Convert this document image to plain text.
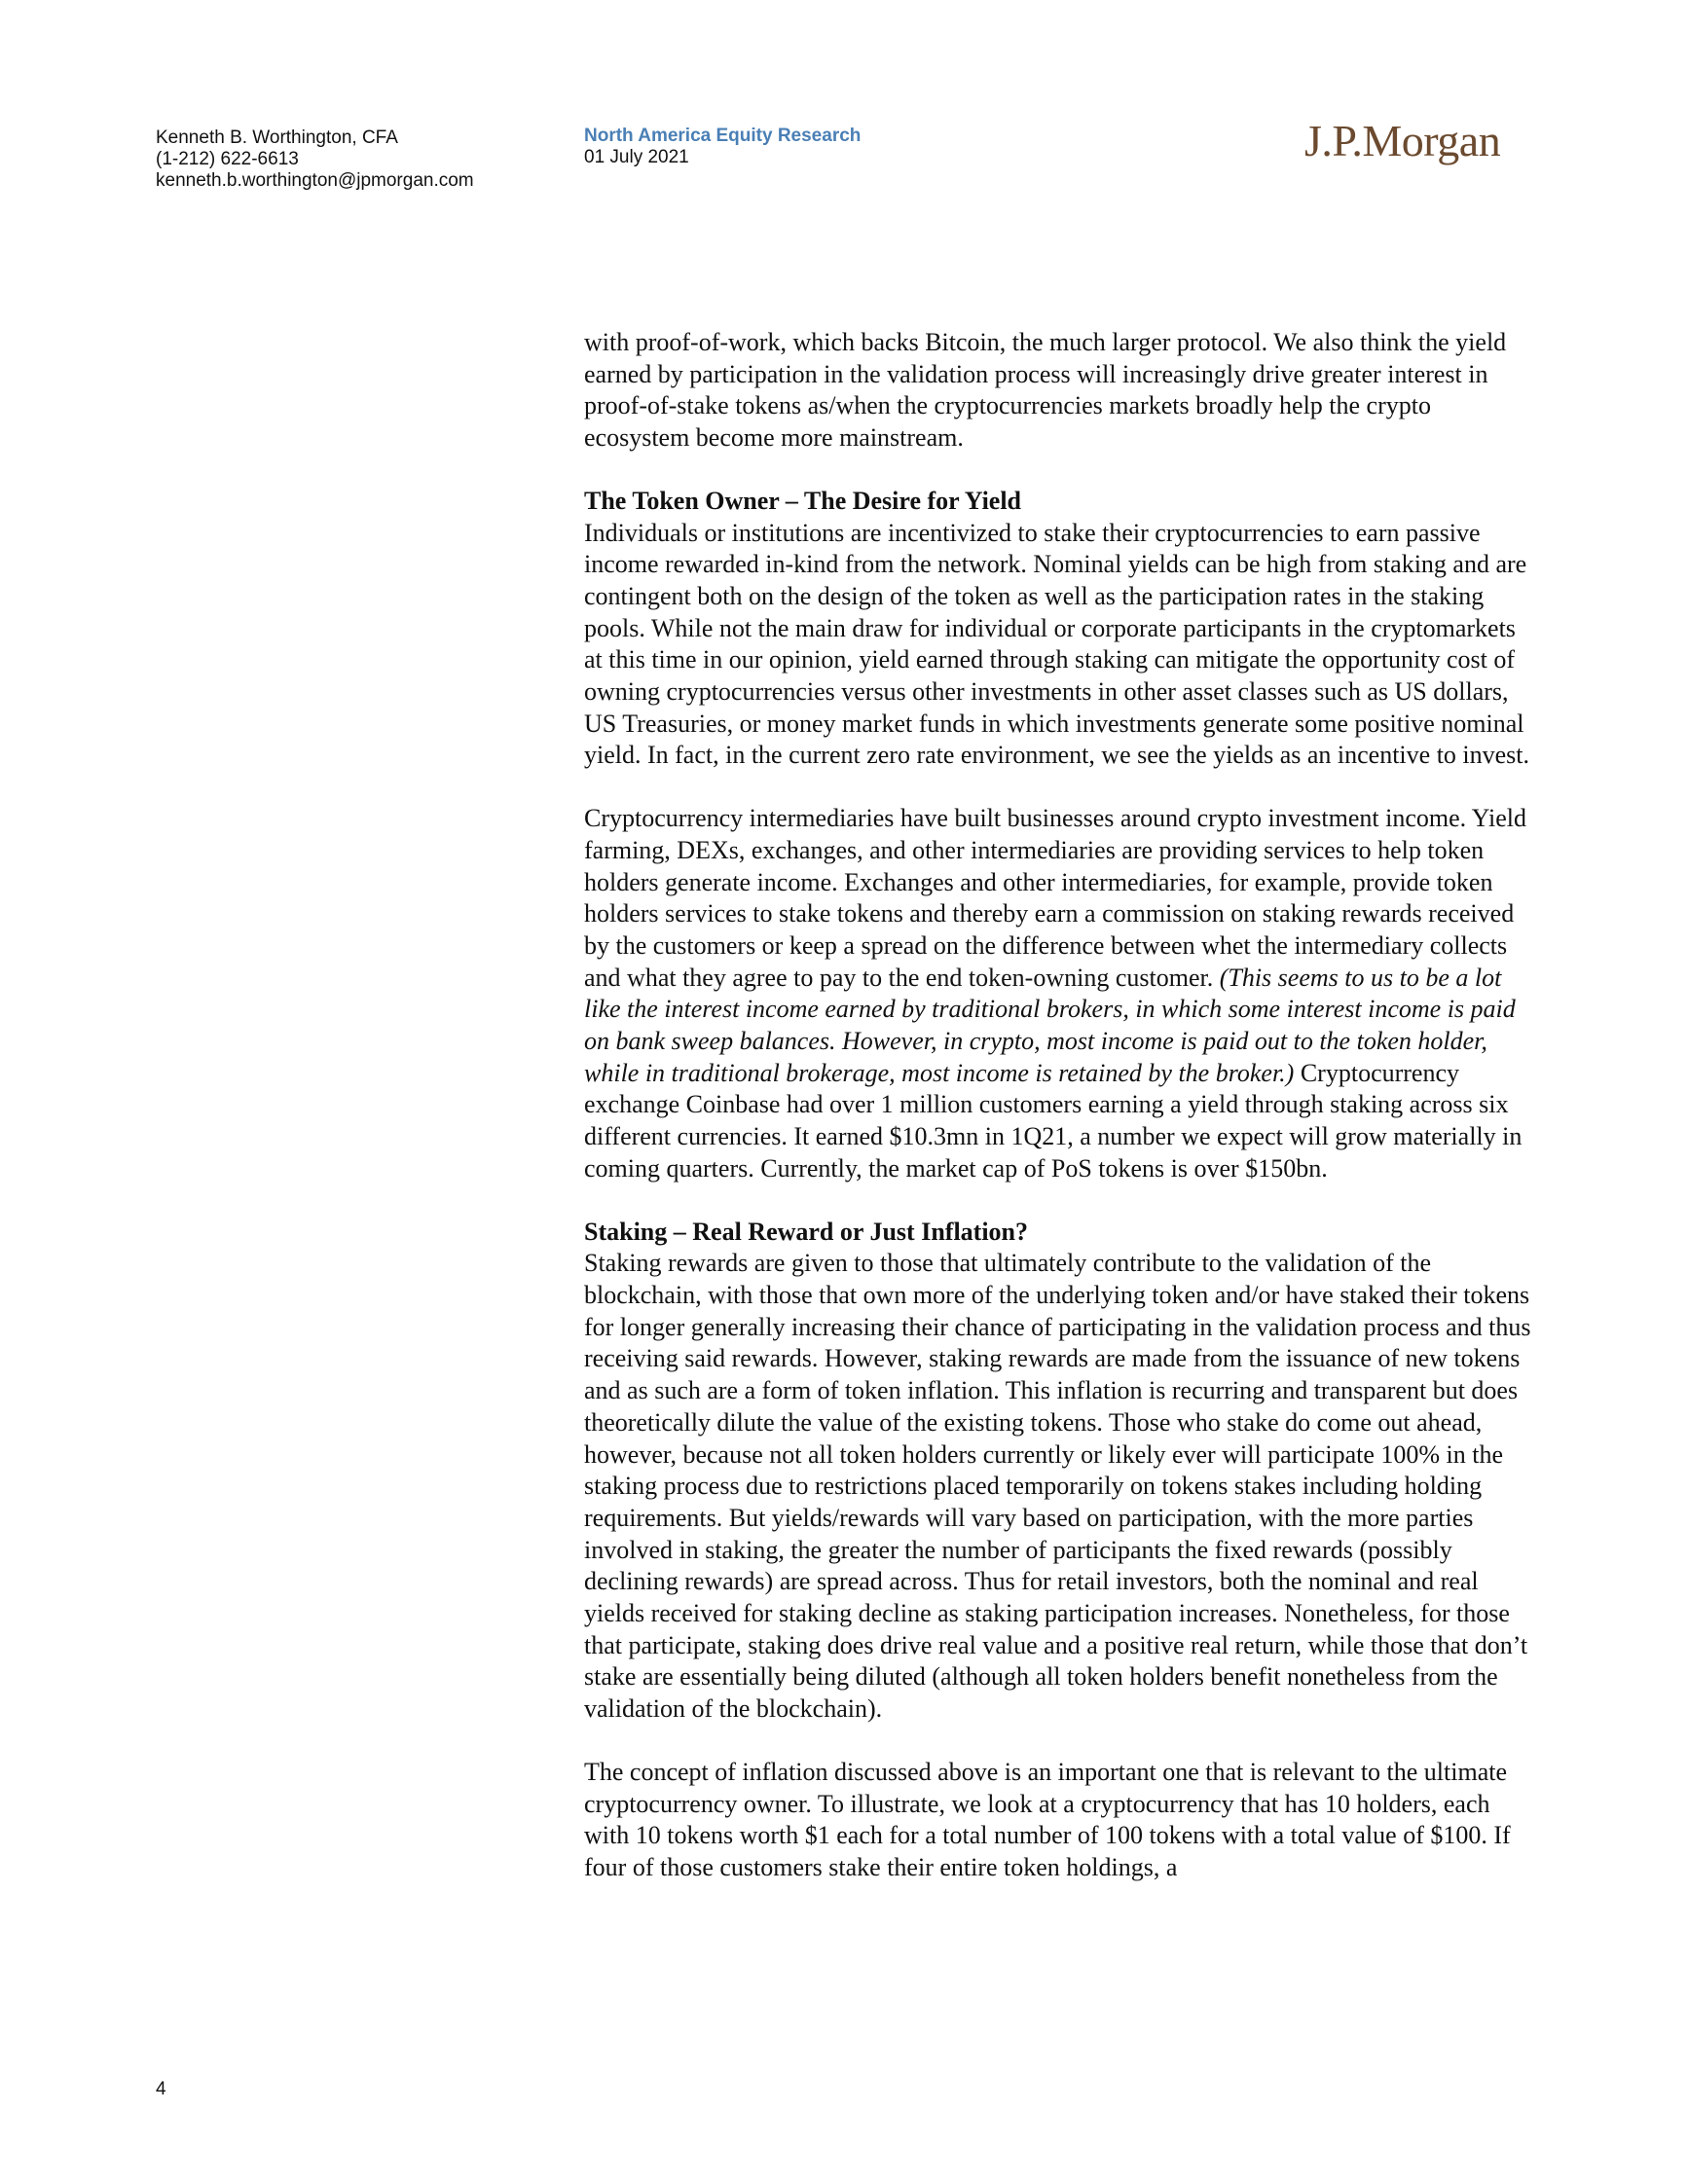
Kenneth B. Worthington, CFA
(1-212) 622-6613
kenneth.b.worthington@jpmorgan.com
North America Equity Research
01 July 2021	J.P.Morgan

with proof-of-work, which backs Bitcoin, the much larger protocol. We also think the yield earned by participation in the validation process will increasingly drive greater interest in proof-of-stake tokens as/when the cryptocurrencies markets broadly help the crypto ecosystem become more mainstream.

The Token Owner – The Desire for Yield

Individuals or institutions are incentivized to stake their cryptocurrencies to earn passive income rewarded in-kind from the network. Nominal yields can be high from staking and are contingent both on the design of the token as well as the participation rates in the staking pools. While not the main draw for individual or corporate participants in the cryptomarkets at this time in our opinion, yield earned through staking can mitigate the opportunity cost of owning cryptocurrencies versus other investments in other asset classes such as US dollars, US Treasuries, or money market funds in which investments generate some positive nominal yield. In fact, in the current zero rate environment, we see the yields as an incentive to invest.

Cryptocurrency intermediaries have built businesses around crypto investment income. Yield farming, DEXs, exchanges, and other intermediaries are providing services to help token holders generate income. Exchanges and other intermediaries, for example, provide token holders services to stake tokens and thereby earn a commission on staking rewards received by the customers or keep a spread on the difference between whet the intermediary collects and what they agree to pay to the end token-owning customer. (This seems to us to be a lot like the interest income earned by traditional brokers, in which some interest income is paid on bank sweep balances. However, in crypto, most income is paid out to the token holder, while in traditional brokerage, most income is retained by the broker.) Cryptocurrency exchange Coinbase had over 1 million customers earning a yield through staking across six different currencies. It earned $10.3mn in 1Q21, a number we expect will grow materially in coming quarters. Currently, the market cap of PoS tokens is over $150bn.

Staking – Real Reward or Just Inflation?

Staking rewards are given to those that ultimately contribute to the validation of the blockchain, with those that own more of the underlying token and/or have staked their tokens for longer generally increasing their chance of participating in the validation process and thus receiving said rewards. However, staking rewards are made from the issuance of new tokens and as such are a form of token inflation. This inflation is recurring and transparent but does theoretically dilute the value of the existing tokens. Those who stake do come out ahead, however, because not all token holders currently or likely ever will participate 100% in the staking process due to restrictions placed temporarily on tokens stakes including holding requirements. But yields/rewards will vary based on participation, with the more parties involved in staking, the greater the number of participants the fixed rewards (possibly declining rewards) are spread across. Thus for retail investors, both the nominal and real yields received for staking decline as staking participation increases. Nonetheless, for those that participate, staking does drive real value and a positive real return, while those that don’t stake are essentially being diluted (although all token holders benefit nonetheless from the validation of the blockchain).

The concept of inflation discussed above is an important one that is relevant to the ultimate cryptocurrency owner. To illustrate, we look at a cryptocurrency that has 10 holders, each with 10 tokens worth $1 each for a total number of 100 tokens with a total value of $100. If four of those customers stake their entire token holdings, a

4
